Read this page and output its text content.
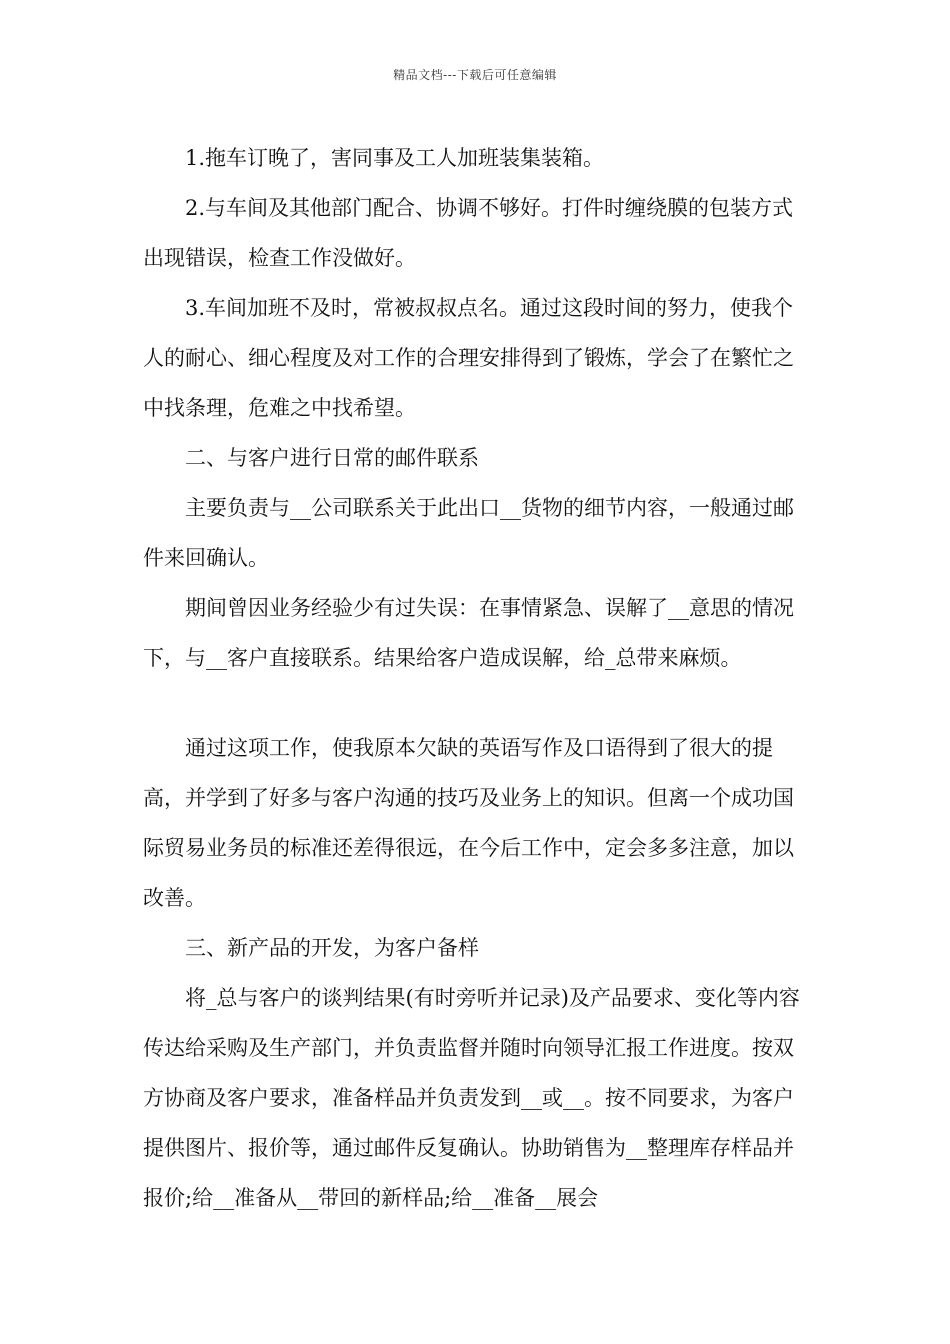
精品文档---下载后可任意编辑

1.拖车订晚了，害同事及工人加班装集装箱。

2.与车间及其他部门配合、协调不够好。打件时缠绕膜的包装方式出现错误，检查工作没做好。

3.车间加班不及时，常被叔叔点名。通过这段时间的努力，使我个人的耐心、细心程度及对工作的合理安排得到了锻炼，学会了在繁忙之中找条理，危难之中找希望。

二、与客户进行日常的邮件联系

主要负责与__公司联系关于此出口__货物的细节内容，一般通过邮件来回确认。

期间曾因业务经验少有过失误：在事情紧急、误解了__意思的情况下，与__客户直接联系。结果给客户造成误解，给_总带来麻烦。

通过这项工作，使我原本欠缺的英语写作及口语得到了很大的提高，并学到了好多与客户沟通的技巧及业务上的知识。但离一个成功国际贸易业务员的标准还差得很远，在今后工作中，定会多多注意，加以改善。

三、新产品的开发，为客户备样

将_总与客户的谈判结果(有时旁听并记录)及产品要求、变化等内容传达给采购及生产部门，并负责监督并随时向领导汇报工作进度。按双方协商及客户要求，准备样品并负责发到__或__。按不同要求，为客户提供图片、报价等，通过邮件反复确认。协助销售为__整理库存样品并报价;给__准备从__带回的新样品;给__准备__展会
